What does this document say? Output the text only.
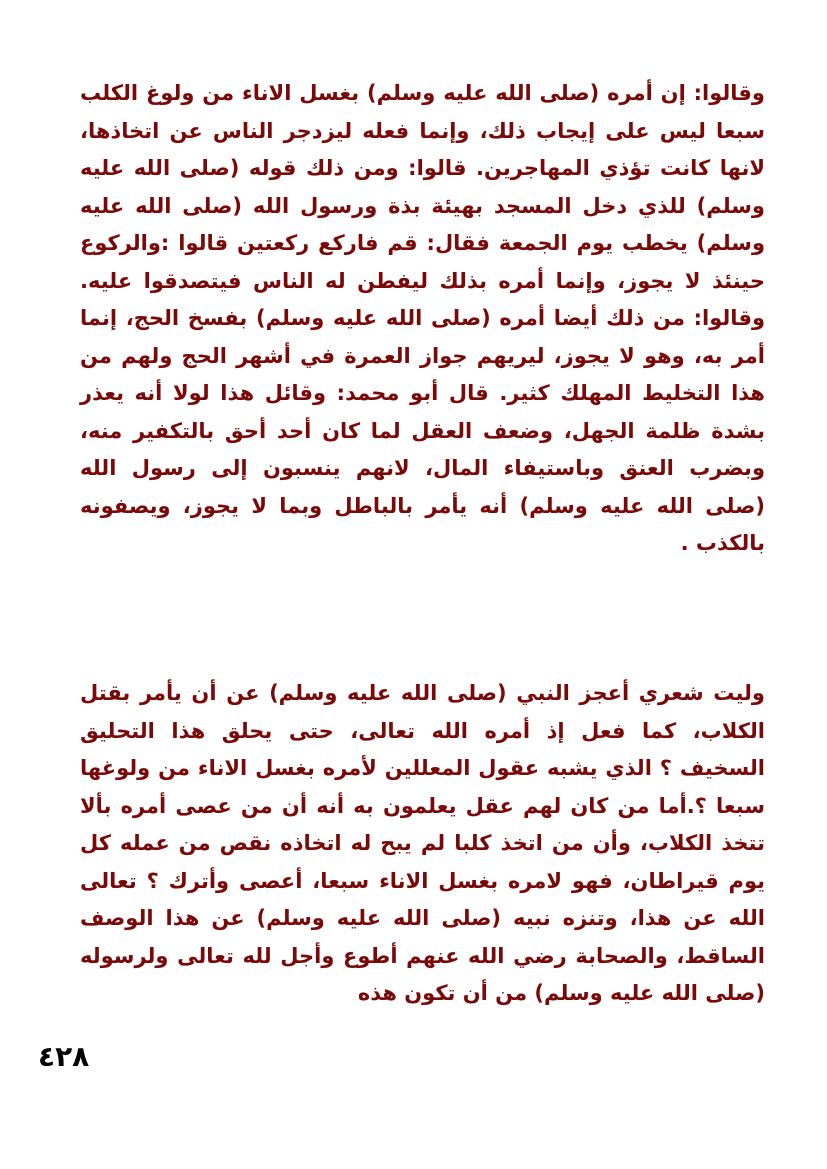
وقالوا: إن أمره (صلى الله عليه وسلم) بغسل الاناء من ولوغ الكلب سبعا ليس على إيجاب ذلك، وإنما فعله ليزدجر الناس عن اتخاذها، لانها كانت تؤذي المهاجرين. قالوا: ومن ذلك قوله (صلى الله عليه وسلم) للذي دخل المسجد بهيئة بذة ورسول الله (صلى الله عليه وسلم) يخطب يوم الجمعة فقال: قم فاركع ركعتين قالوا :والركوع حينئذ لا يجوز، وإنما أمره بذلك ليفطن له الناس فيتصدقوا عليه. وقالوا: من ذلك أيضا أمره (صلى الله عليه وسلم) بفسخ الحج، إنما أمر به، وهو لا يجوز، ليريهم جواز العمرة في أشهر الحج ولهم من هذا التخليط المهلك كثير. قال أبو محمد: وقائل هذا لولا أنه يعذر بشدة ظلمة الجهل، وضعف العقل لما كان أحد أحق بالتكفير منه، وبضرب العنق وباستيفاء المال، لانهم ينسبون إلى رسول الله (صلى الله عليه وسلم) أنه يأمر بالباطل وبما لا يجوز، ويصفونه بالكذب .

وليت شعري أعجز النبي (صلى الله عليه وسلم) عن أن يأمر بقتل الكلاب، كما فعل إذ أمره الله تعالى، حتى يحلق هذا التحليق السخيف ؟ الذي يشبه عقول المعللين لأمره بغسل الاناء من ولوغها سبعا ؟.أما من كان لهم عقل يعلمون به أنه أن من عصى أمره بألا تتخذ الكلاب، وأن من اتخذ كلبا لم يبح له اتخاذه نقص من عمله كل يوم قيراطان، فهو لامره بغسل الاناء سبعا، أعصى وأترك ؟ تعالى الله عن هذا، وتنزه نبيه (صلى الله عليه وسلم) عن هذا الوصف الساقط، والصحابة رضي الله عنهم أطوع وأجل لله تعالى ولرسوله (صلى الله عليه وسلم) من أن تكون هذه

٤٢٨
